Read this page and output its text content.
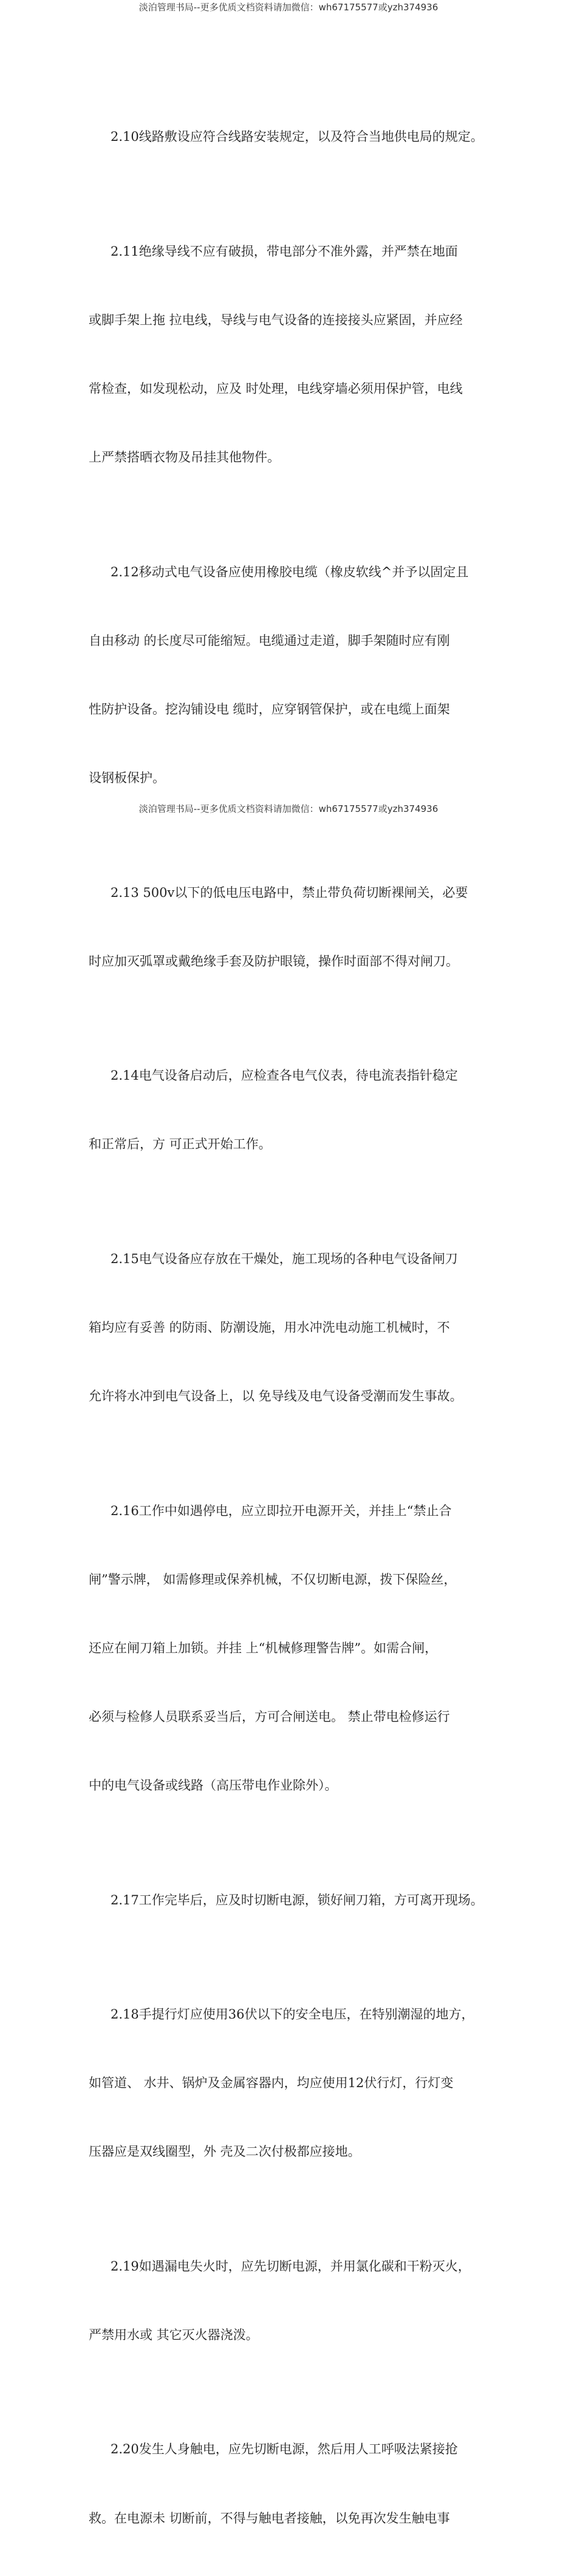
淡泊管理书局--更多优质文档资料请加微信：wh67175577或yzh374936

2.10线路敷设应符合线路安装规定，以及符合当地供电局的规定。

2.11绝缘导线不应有破损，带电部分不准外露，并严禁在地面

或脚手架上拖 拉电线，导线与电气设备的连接接头应紧固，并应经

常检查，如发现松动，应及 时处理，电线穿墙必须用保护管，电线

上严禁搭晒衣物及吊挂其他物件。

2.12移动式电气设备应使用橡胶电缆（橡皮软线^并予以固定且

自由移动 的长度尽可能缩短。电缆通过走道，脚手架随时应有刚

性防护设备。挖沟铺设电 缆时，应穿钢管保护，或在电缆上面架

设钢板保护。

2.13 500v以下的低电压电路中，禁止带负荷切断裸闸关，必要

时应加灭弧罩或戴绝缘手套及防护眼镜，操作时面部不得对闸刀。

2.14电气设备启动后，应检查各电气仪表，待电流表指针稳定

和正常后，方 可正式开始工作。

2.15电气设备应存放在干燥处，施工现场的各种电气设备闸刀

箱均应有妥善 的防雨、防潮设施，用水冲洗电动施工机械时，不

允许将水冲到电气设备上，以 免导线及电气设备受潮而发生事故。

2.16工作中如遇停电，应立即拉开电源开关，并挂上“禁止合

闸”警示牌， 如需修理或保养机械，不仅切断电源，拨下保险丝，

还应在闸刀箱上加锁。并挂 上“机械修理警告牌”。如需合闸，

必须与检修人员联系妥当后，方可合闸送电。 禁止带电检修运行

中的电气设备或线路（高压带电作业除外）。

2.17工作完毕后，应及时切断电源，锁好闸刀箱，方可离开现场。

2.18手提行灯应使用36伏以下的安全电压，在特别潮湿的地方，

如管道、 水井、锅炉及金属容器内，均应使用12伏行灯，行灯变

压器应是双线圈型，外 壳及二次付极都应接地。

2.19如遇漏电失火时，应先切断电源，并用氯化碳和干粉灭火，

严禁用水或 其它灭火器浇泼。

2.20发生人身触电，应先切断电源，然后用人工呼吸法紧接抢

救。在电源未 切断前，不得与触电者接触，以免再次发生触电事

淡泊管理书局--更多优质文档资料请加微信：wh67175577或yzh374936
